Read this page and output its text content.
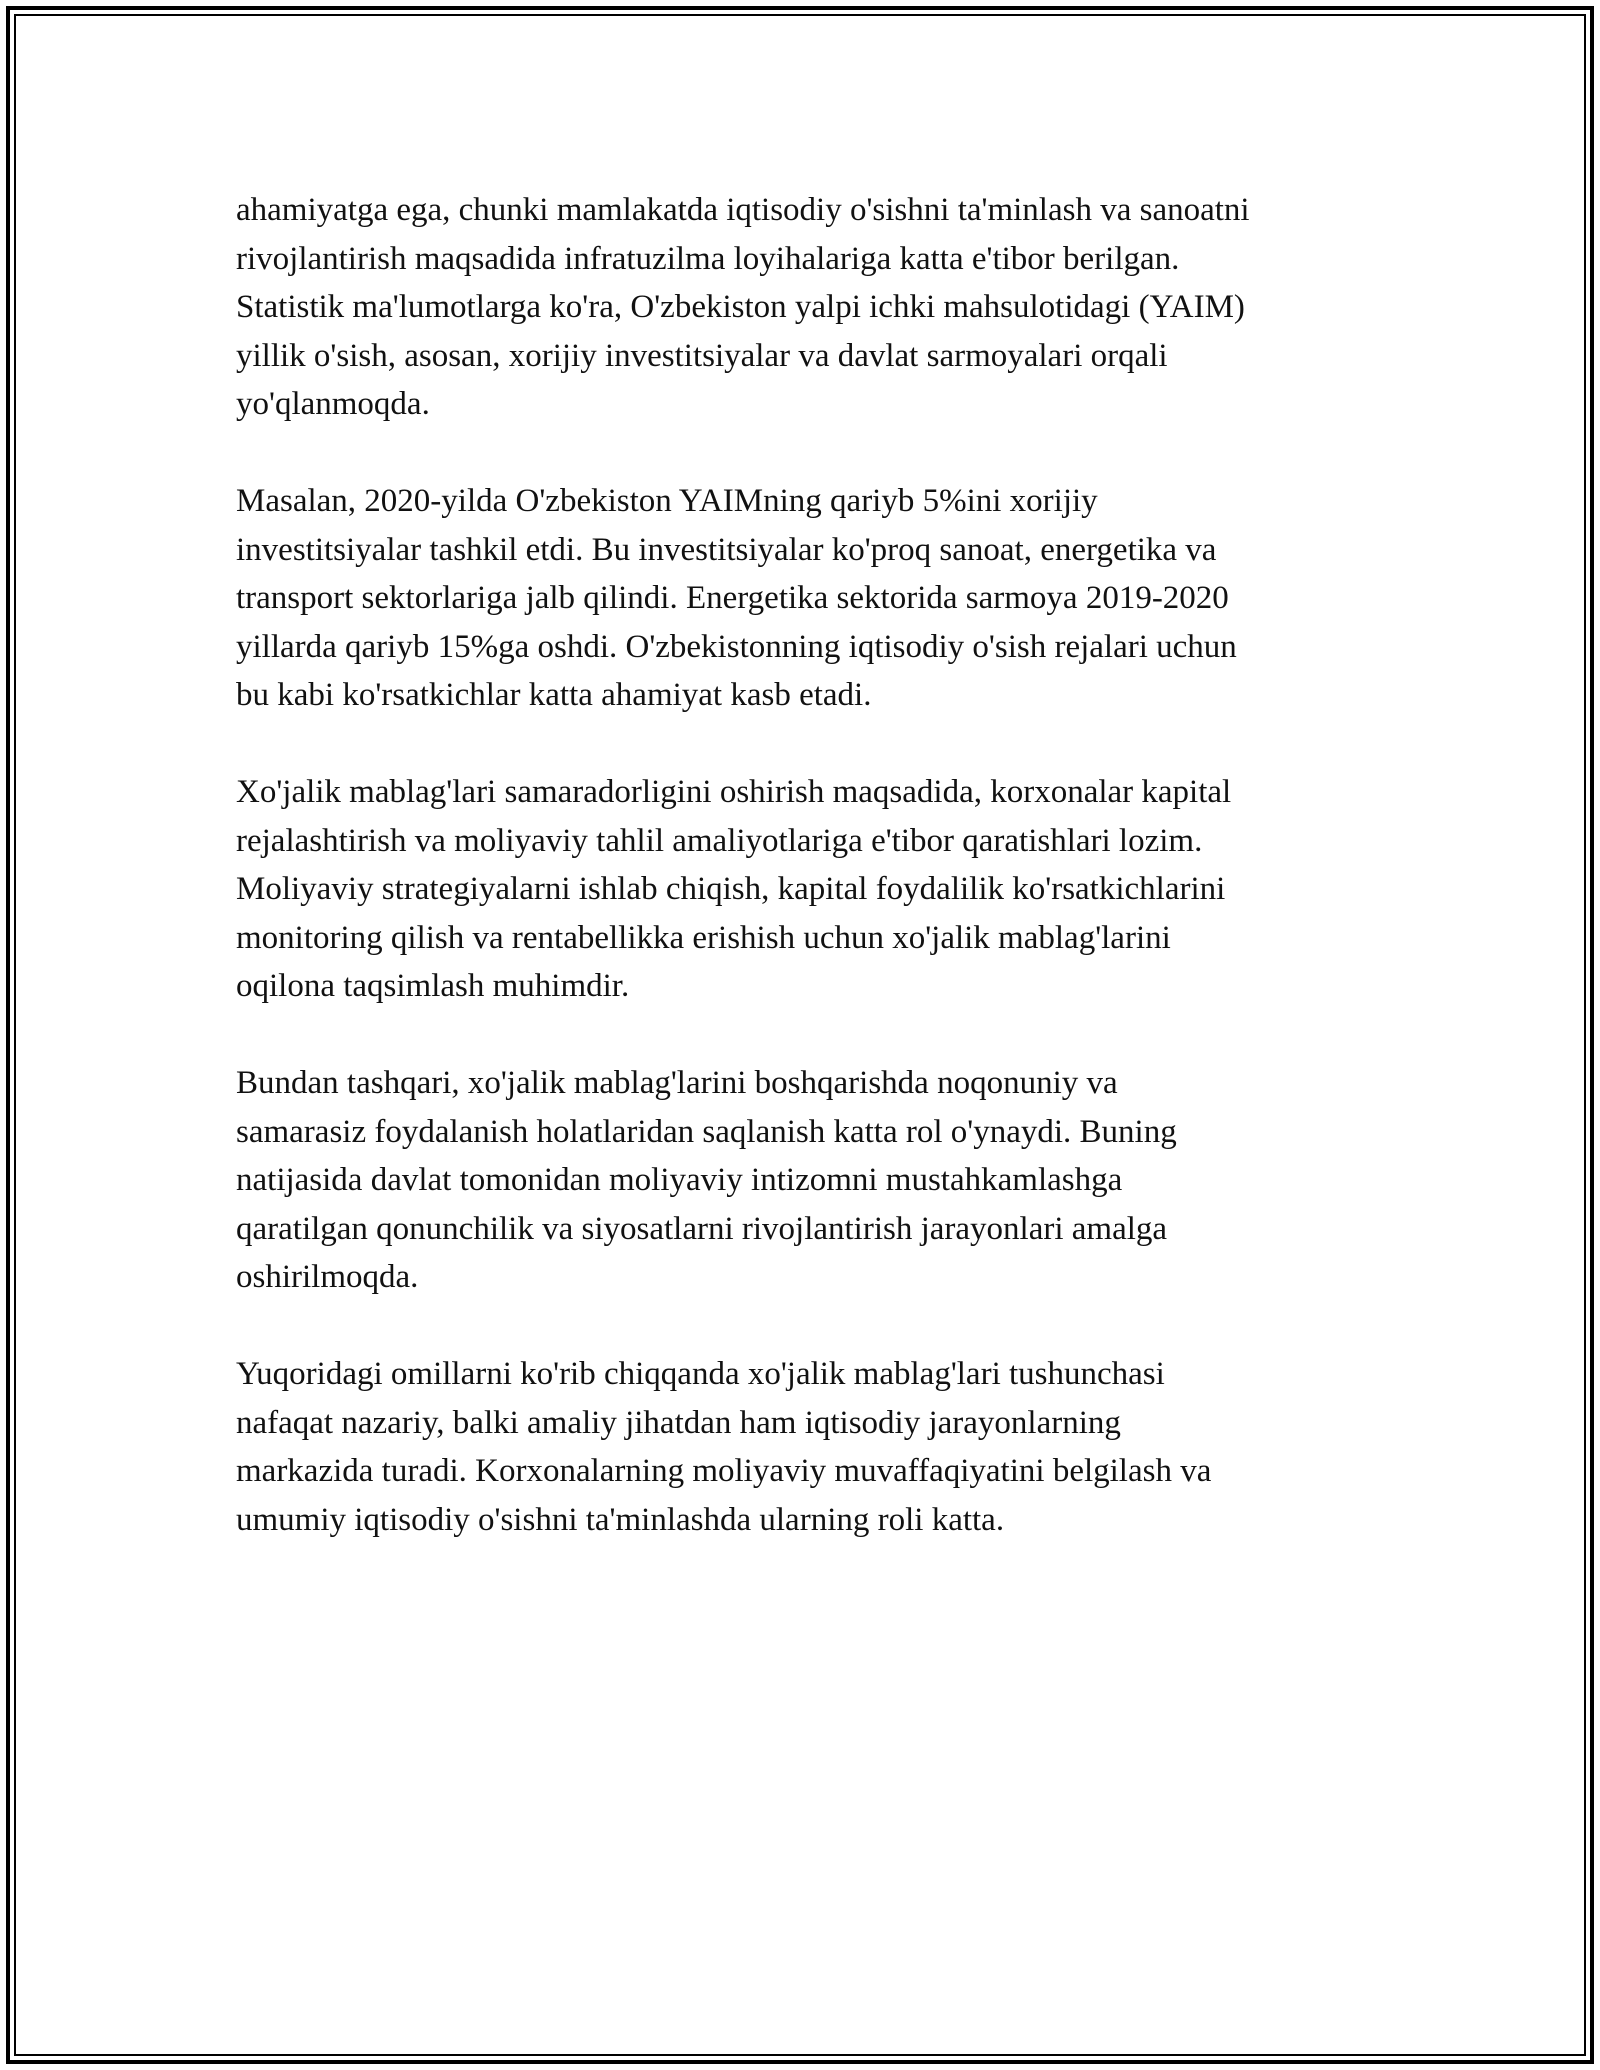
ahamiyatga ega, chunki mamlakatda iqtisodiy o'sishni ta'minlash va sanoatni
rivojlantirish maqsadida infratuzilma loyihalariga katta e'tibor berilgan.
Statistik ma'lumotlarga ko'ra, O'zbekiston yalpi ichki mahsulotidagi (YAIM)
yillik o'sish, asosan, xorijiy investitsiyalar va davlat sarmoyalari orqali
yo'qlanmoqda.

Masalan, 2020-yilda O'zbekiston YAIMning qariyb 5%ini xorijiy
investitsiyalar tashkil etdi. Bu investitsiyalar ko'proq sanoat, energetika va
transport sektorlariga jalb qilindi. Energetika sektorida sarmoya 2019-2020
yillarda qariyb 15%ga oshdi. O'zbekistonning iqtisodiy o'sish rejalari uchun
bu kabi ko'rsatkichlar katta ahamiyat kasb etadi.

Xo'jalik mablag'lari samaradorligini oshirish maqsadida, korxonalar kapital
rejalashtirish va moliyaviy tahlil amaliyotlariga e'tibor qaratishlari lozim.
Moliyaviy strategiyalarni ishlab chiqish, kapital foydalilik ko'rsatkichlarini
monitoring qilish va rentabellikka erishish uchun xo'jalik mablag'larini
oqilona taqsimlash muhimdir.

Bundan tashqari, xo'jalik mablag'larini boshqarishda noqonuniy va
samarasiz foydalanish holatlaridan saqlanish katta rol o'ynaydi. Buning
natijasida davlat tomonidan moliyaviy intizomni mustahkamlashga
qaratilgan qonunchilik va siyosatlarni rivojlantirish jarayonlari amalga
oshirilmoqda.

Yuqoridagi omillarni ko'rib chiqqanda xo'jalik mablag'lari tushunchasi
nafaqat nazariy, balki amaliy jihatdan ham iqtisodiy jarayonlarning
markazida turadi. Korxonalarning moliyaviy muvaffaqiyatini belgilash va
umumiy iqtisodiy o'sishni ta'minlashda ularning roli katta.
